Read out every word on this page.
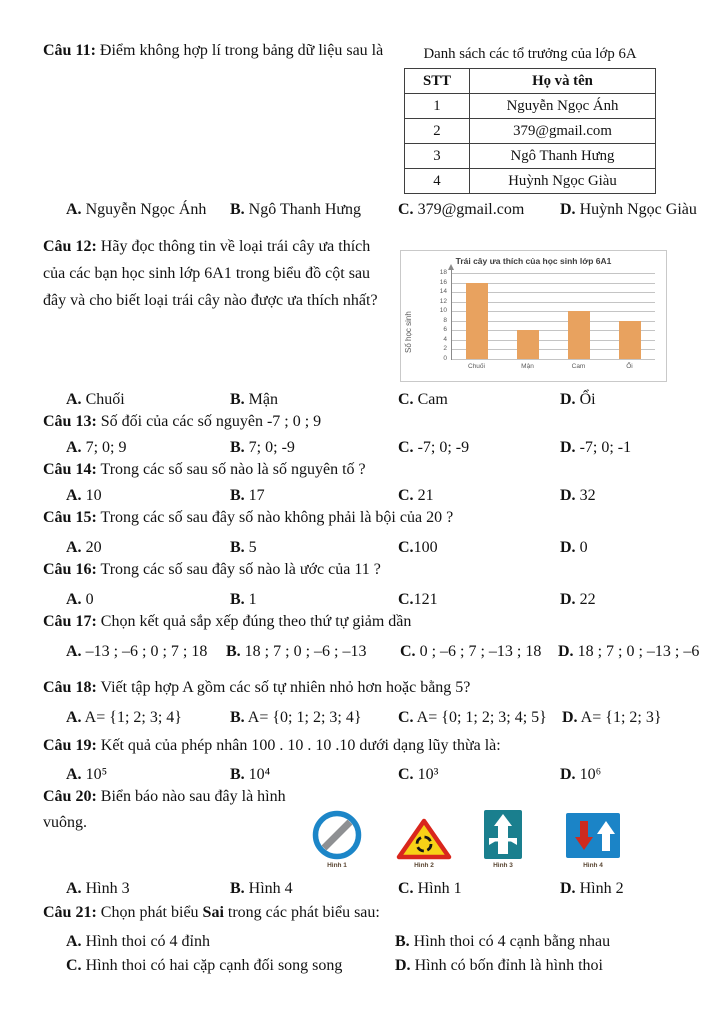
Câu 11: Điểm không hợp lí trong bảng dữ liệu sau là	Danh sách các tổ trưởng của lớp 6A
STT	Họ và tên
1	Nguyễn Ngọc Ánh
2	379@gmail.com
3	Ngô Thanh Hưng
4	Huỳnh Ngọc Giàu
A. Nguyễn Ngọc Ánh B. Ngô Thanh Hưng C. 379@gmail.com D. Huỳnh Ngọc Giàu
Câu 12: Hãy đọc thông tin về loại trái cây ưa thích
của các bạn học sinh lớp 6A1 trong biểu đồ cột sau
đây và cho biết loại trái cây nào được ưa thích nhất?
Trái cây ưa thích của học sinh lớp 6A1
Số học sinh
0
2
4
6
8
10
12
14
16
18
Chuối	Mận	Cam	Ổi
A. Chuối	B. Mận	C. Cam	D. Ổi
Câu 13: Số đối của các số nguyên -7 ; 0 ; 9
A. 7; 0; 9	B. 7; 0; -9	C. -7; 0; -9	D. -7; 0; -1
Câu 14: Trong các số sau số nào là số nguyên tố ?
A. 10	B. 17	C. 21	D. 32
Câu 15: Trong các số sau đây số nào không phải là bội của 20 ?
A. 20	B. 5	C.100	D. 0
Câu 16: Trong các số sau đây số nào là ước của 11 ?
A. 0	B. 1	C.121	D. 22
Câu 17: Chọn kết quả sắp xếp đúng theo thứ tự giảm dần
A. –13 ; –6 ; 0 ; 7 ; 18 B. 18 ; 7 ; 0 ; –6 ; –13 C. 0 ; –6 ; 7 ; –13 ; 18 D. 18 ; 7 ; 0 ; –13 ; –6
Câu 18: Viết tập hợp A gồm các số tự nhiên nhỏ hơn hoặc bằng 5?
A. A= {1; 2; 3; 4}	B. A= {0; 1; 2; 3; 4} C. A= {0; 1; 2; 3; 4; 5} D. A= {1; 2; 3}
Câu 19: Kết quả của phép nhân 100 . 10 . 10 .10 dưới dạng lũy thừa là:
A. 10⁵	B. 10⁴	C. 10³	D. 10⁶
Câu 20: Biển báo nào sau đây là hình
vuông.
Hình 1	Hình 2	Hình 3	Hình 4
A. Hình 3	B. Hình 4	C. Hình 1	D. Hình 2
Câu 21: Chọn phát biểu Sai trong các phát biểu sau:
A. Hình thoi có 4 đỉnh	B. Hình thoi có 4 cạnh bằng nhau
C. Hình thoi có hai cặp cạnh đối song song	D. Hình có bốn đỉnh là hình thoi
